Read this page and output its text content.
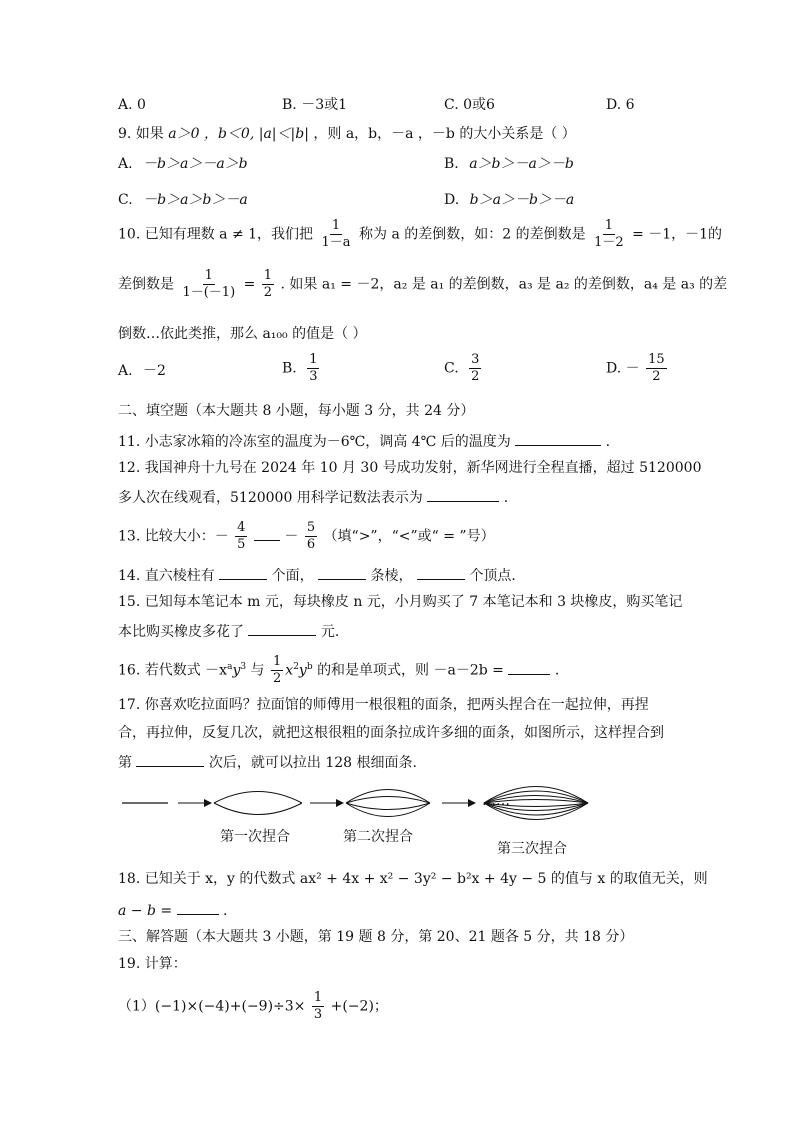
A. 0	B. －3或1	C. 0或6	D. 6
9. 如果 a＞0 ，b＜0, |a|＜|b| ，则 a，b，－a ，－b 的大小关系是（ ）
A. －b＞a＞－a＞b	B. a＞b＞－a＞－b
C. －b＞a＞b＞－a	D. b＞a＞－b＞－a
10. 已知有理数 a ≠ 1，我们把 $\frac{1}{1-a}$ 称为 a 的差倒数，如：2 的差倒数是 $\frac{1}{1-2} = -1$，－1的
差倒数是 $\frac{1}{1-(-1)} = \frac{1}{2}$ . 如果 a₁ = －2，a₂ 是 a₁ 的差倒数，a₃ 是 a₂ 的差倒数，a₄ 是 a₃ 的差
倒数…依此类推，那么 a₁₀₀ 的值是（ ）
A. －2	B. $\frac{1}{3}$	C. $\frac{3}{2}$	D. － $\frac{15}{2}$
二、填空题（本大题共 8 小题，每小题 3 分，共 24 分）
11. 小志家冰箱的冷冻室的温度为－6℃，调高 4℃ 后的温度为	.
12. 我国神舟十九号在 2024 年 10 月 30 号成功发射，新华网进行全程直播，超过 5120000
多人次在线观看，5120000 用科学记数法表示为	.
13. 比较大小：－ $\frac{4}{5}$	－ $\frac{5}{6}$ （填“>”，“<”或“ = ”号）
14. 直六棱柱有	个面，	条棱，	个顶点.
15. 已知每本笔记本 m 元，每块橡皮 n 元，小月购买了 7 本笔记本和 3 块橡皮，购买笔记
本比购买橡皮多花了	元.
16. 若代数式 $-x^ay^3$ 与 $\frac{1}{2} x^2y^b$ 的和是单项式，则 －a－2b =	.
17. 你喜欢吃拉面吗？拉面馆的师傅用一根很粗的面条，把两头捏合在一起拉伸，再捏
合，再拉伸，反复几次，就把这根很粗的面条拉成许多细的面条，如图所示，这样捏合到
第	次后，就可以拉出 128 根细面条.
……
第一次捏合	第二次捏合
第三次捏合
18. 已知关于 x，y 的代数式 ax² + 4x + x² − 3y² − b²x + 4y − 5 的值与 x 的取值无关，则
a − b =	.
三、解答题（本大题共 3 小题，第 19 题 8 分，第 20、21 题各 5 分，共 18 分）
19. 计算：
$(1)(-1)\times(-4)+(-9)\div 3\times \frac{1}{3} +(-2)$；
